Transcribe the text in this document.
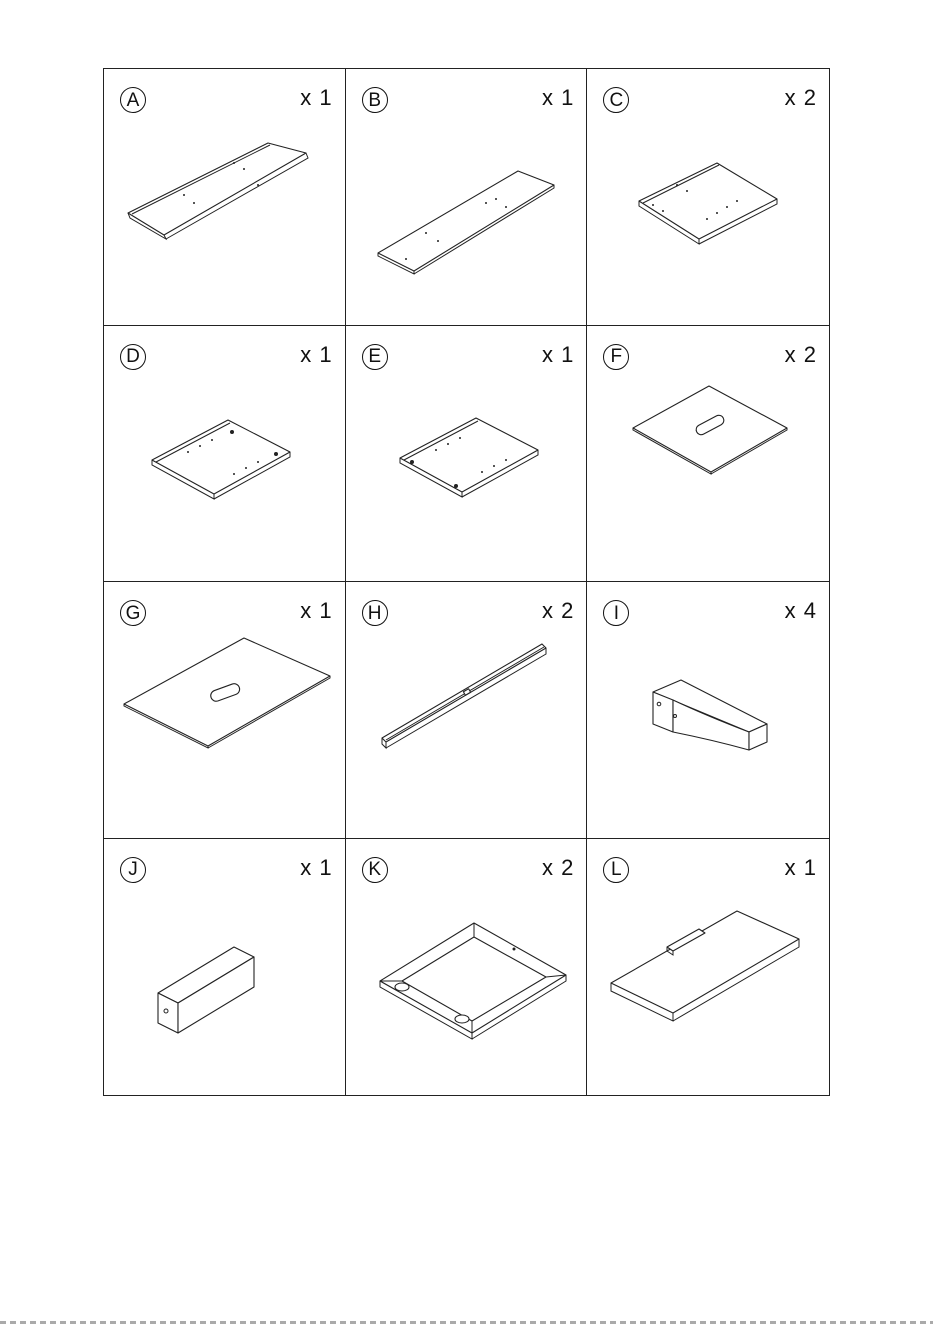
A	x 1	B	x 1	C	x 2
D	x 1	E	x 1	F	x 2
G	x 1	H	x 2	I	x 4
J	x 1	K	x 2	L	x 1
